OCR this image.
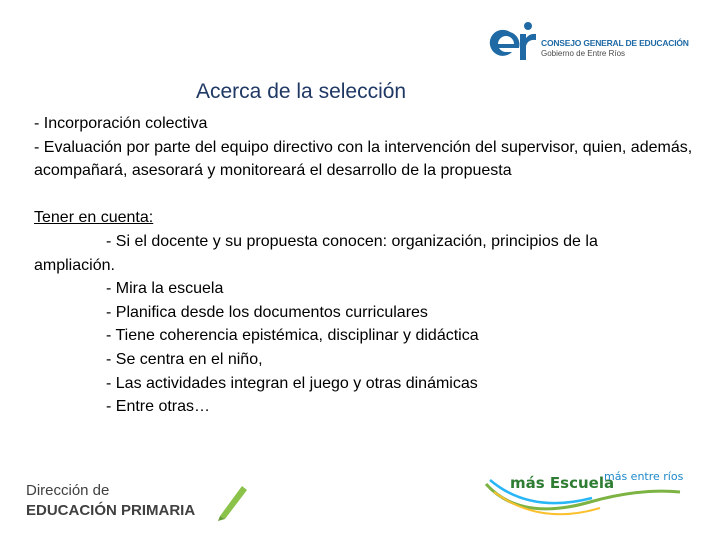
CONSEJO GENERAL DE EDUCACIÓN
Gobierno de Entre Ríos
Acerca de la selección
- Incorporación colectiva
- Evaluación por parte del equipo directivo con la intervención del supervisor, quien, además, acompañará, asesorará y monitoreará el desarrollo de la propuesta
Tener en cuenta:
- Si el docente y su propuesta conocen: organización, principios de la
ampliación.
- Mira la escuela
- Planifica desde los documentos curriculares
- Tiene coherencia epistémica, disciplinar y didáctica
- Se centra en el niño,
- Las actividades integran el juego y otras dinámicas
- Entre otras…
Dirección de
EDUCACIÓN PRIMARIA
más Escuela
más entre ríos
